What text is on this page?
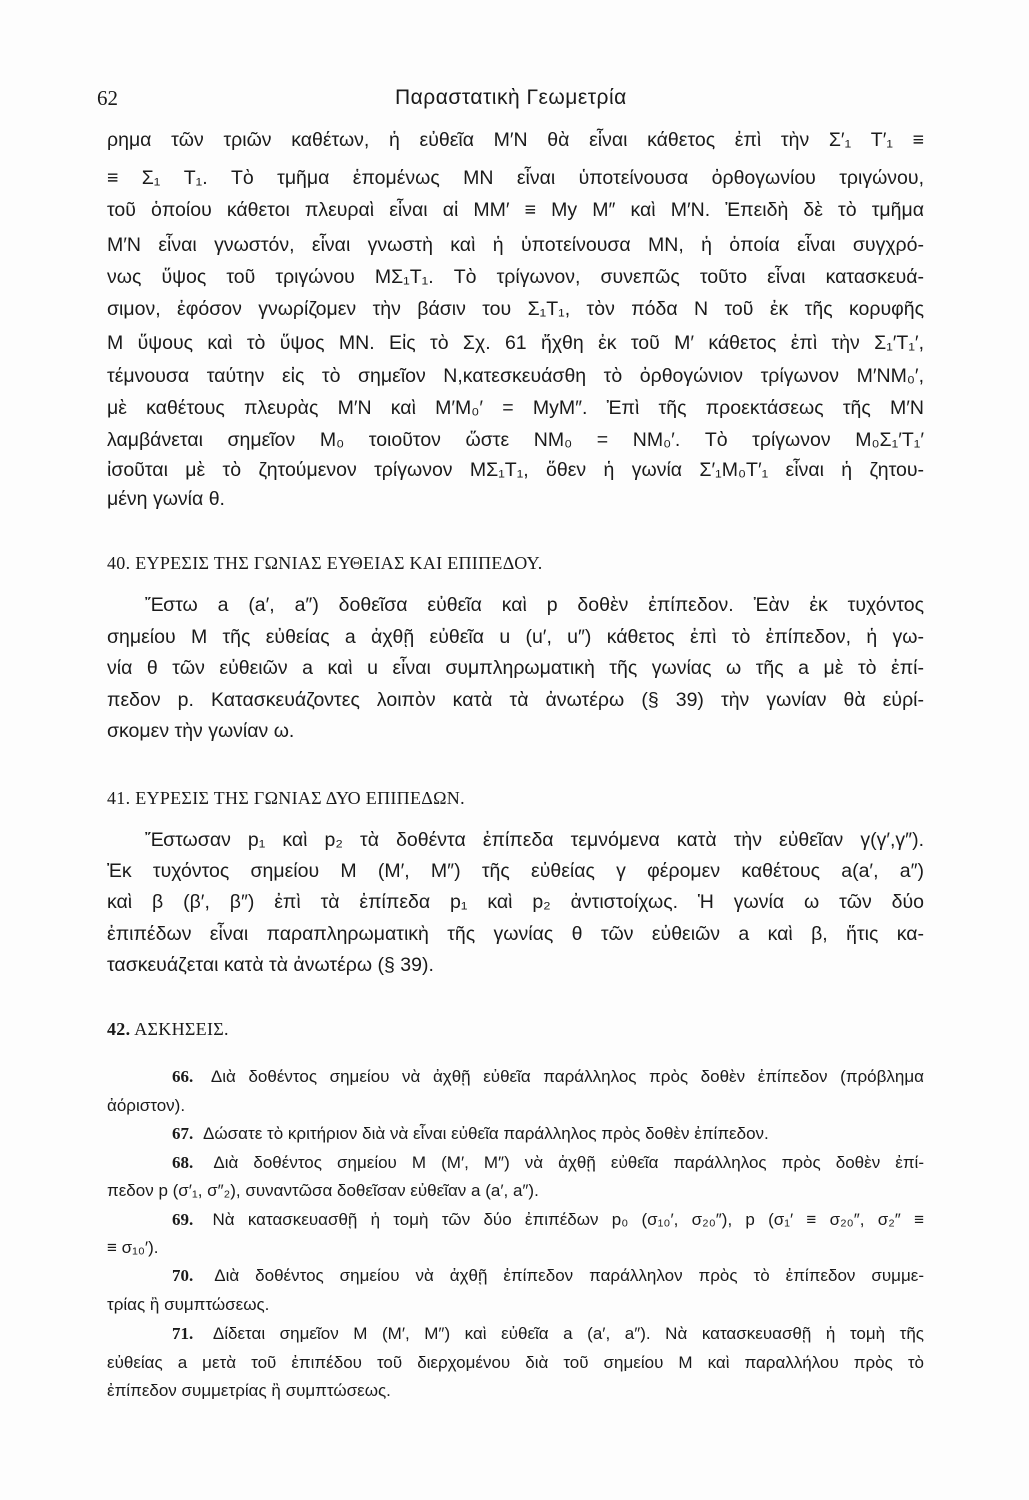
62	Παραστατικὴ Γεωμετρία
ρημα τῶν τριῶν καθέτων, ἡ εὐθεῖα M′N θὰ εἶναι κάθετος ἐπὶ τὴν Σ′₁ T′₁ ≡
≡ Σ₁ T₁. Τὸ τμῆμα ἑπομένως MN εἶναι ὑποτείνουσα ὀρθογωνίου τριγώνου,
τοῦ ὁποίου κάθετοι πλευραὶ εἶναι αἱ MM′ ≡ My M″ καὶ M′N. Ἐπειδὴ δὲ τὸ τμῆμα
M′N εἶναι γνωστόν, εἶναι γνωστὴ καὶ ἡ ὑποτείνουσα MN, ἡ ὁποία εἶναι συγχρό-
νως ὕψος τοῦ τριγώνου MΣ₁T₁. Τὸ τρίγωνον, συνεπῶς τοῦτο εἶναι κατασκευά-
σιμον, ἐφόσον γνωρίζομεν τὴν βάσιν του Σ₁T₁, τὸν πόδα N τοῦ ἐκ τῆς κορυφῆς
M ὕψους καὶ τὸ ὕψος MN. Εἰς τὸ Σχ. 61 ἤχθη ἐκ τοῦ M′ κάθετος ἐπὶ τὴν Σ₁′T₁′,
τέμνουσα ταύτην εἰς τὸ σημεῖον N,κατεσκευάσθη τὸ ὀρθογώνιον τρίγωνον M′NM₀′,
μὲ καθέτους πλευρὰς M′N καὶ M′M₀′ = MyM″. Ἐπὶ τῆς προεκτάσεως τῆς M′N
λαμβάνεται σημεῖον M₀ τοιοῦτον ὥστε NM₀ = NM₀′. Τὸ τρίγωνον M₀Σ₁′T₁′
ἰσοῦται μὲ τὸ ζητούμενον τρίγωνον MΣ₁T₁, ὅθεν ἡ γωνία Σ′₁M₀T′₁ εἶναι ἡ ζητου-
μένη γωνία θ.
40. ΕΥΡΕΣΙΣ ΤΗΣ ΓΩΝΙΑΣ ΕΥΘΕΙΑΣ ΚΑΙ ΕΠΙΠΕΔΟΥ.
Ἔστω a (a′, a″) δοθεῖσα εὐθεῖα καὶ p δοθὲν ἐπίπεδον. Ἐὰν ἐκ τυχόντος
σημείου M τῆς εὐθείας a ἀχθῇ εὐθεῖα u (u′, u″) κάθετος ἐπὶ τὸ ἐπίπεδον, ἡ γω-
νία θ τῶν εὐθειῶν a καὶ u εἶναι συμπληρωματικὴ τῆς γωνίας ω τῆς a μὲ τὸ ἐπί-
πεδον p. Κατασκευάζοντες λοιπὸν κατὰ τὰ ἀνωτέρω (§ 39) τὴν γωνίαν θὰ εὑρί-
σκομεν τὴν γωνίαν ω.
41. ΕΥΡΕΣΙΣ ΤΗΣ ΓΩΝΙΑΣ ΔΥΟ ΕΠΙΠΕΔΩΝ.
Ἔστωσαν p₁ καὶ p₂ τὰ δοθέντα ἐπίπεδα τεμνόμενα κατὰ τὴν εὐθεῖαν γ(γ′,γ″).
Ἐκ τυχόντος σημείου M (M′, M″) τῆς εὐθείας γ φέρομεν καθέτους a(a′, a″)
καὶ β (β′, β″) ἐπὶ τὰ ἐπίπεδα p₁ καὶ p₂ ἀντιστοίχως. Ἡ γωνία ω τῶν δύο
ἐπιπέδων εἶναι παραπληρωματικὴ τῆς γωνίας θ τῶν εὐθειῶν a καὶ β, ἥτις κα-
τασκευάζεται κατὰ τὰ ἀνωτέρω (§ 39).
42. ΑΣΚΗΣΕΙΣ.
66. Διὰ δοθέντος σημείου νὰ ἀχθῇ εὐθεῖα παράλληλος πρὸς δοθὲν ἐπίπεδον (πρόβλημα
ἀόριστον).
67. Δώσατε τὸ κριτήριον διὰ νὰ εἶναι εὐθεῖα παράλληλος πρὸς δοθὲν ἐπίπεδον.
68. Διὰ δοθέντος σημείου M (M′, M″) νὰ ἀχθῇ εὐθεῖα παράλληλος πρὸς δοθὲν ἐπί-
πεδον p (σ′₁, σ″₂), συναντῶσα δοθεῖσαν εὐθεῖαν a (a′, a″).
69. Νὰ κατασκευασθῇ ἡ τομὴ τῶν δύο ἐπιπέδων p₀ (σ₁₀′, σ₂₀″), p (σ₁′ ≡ σ₂₀″, σ₂″ ≡
≡ σ₁₀′).
70. Διὰ δοθέντος σημείου νὰ ἀχθῇ ἐπίπεδον παράλληλον πρὸς τὸ ἐπίπεδον συμμε-
τρίας ἢ συμπτώσεως.
71. Δίδεται σημεῖον M (M′, M″) καὶ εὐθεῖα a (a′, a″). Νὰ κατασκευασθῇ ἡ τομὴ τῆς
εὐθείας a μετὰ τοῦ ἐπιπέδου τοῦ διερχομένου διὰ τοῦ σημείου M καὶ παραλλήλου πρὸς τὸ
ἐπίπεδον συμμετρίας ἢ συμπτώσεως.
